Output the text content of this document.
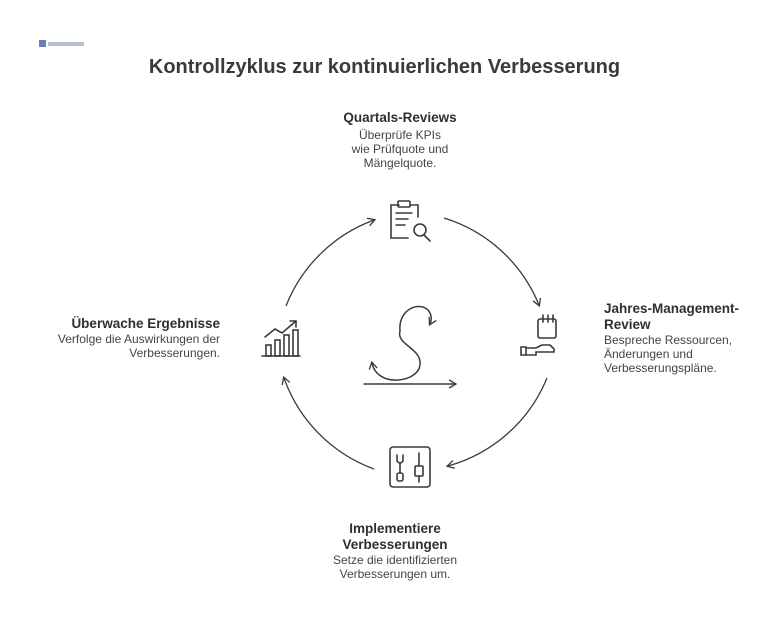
Kontrollzyklus zur kontinuierlichen Verbesserung
Quartals-Reviews
Überprüfe KPIs wie Prüfquote und Mängelquote.
Jahres-Management-Review
Bespreche Ressourcen, Änderungen und Verbesserungspläne.
Implementiere Verbesserungen
Setze die identifizierten Verbesserungen um.
Überwache Ergebnisse
Verfolge die Auswirkungen der Verbesserungen.
